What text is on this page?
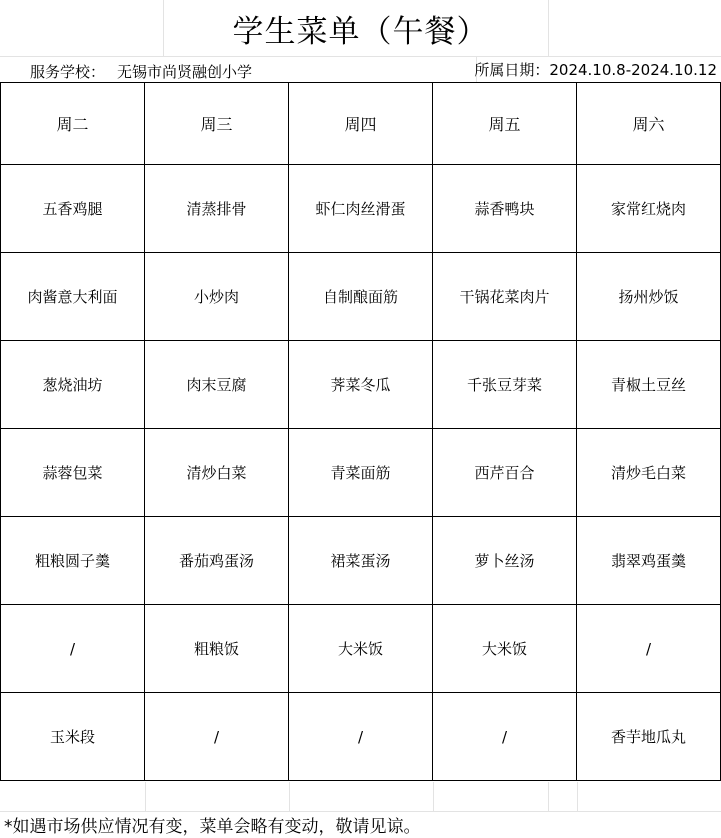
学生菜单（午餐）
服务学校： 无锡市尚贤融创小学	所属日期：2024.10.8-2024.10.12
周二	周三	周四	周五	周六
五香鸡腿	清蒸排骨	虾仁肉丝滑蛋	蒜香鸭块	家常红烧肉
肉酱意大利面	小炒肉	自制酿面筋	干锅花菜肉片	扬州炒饭
葱烧油坊	肉末豆腐	荠菜冬瓜	千张豆芽菜	青椒土豆丝
蒜蓉包菜	清炒白菜	青菜面筋	西芹百合	清炒毛白菜
粗粮圆子羹	番茄鸡蛋汤	裙菜蛋汤	萝卜丝汤	翡翠鸡蛋羹
/	粗粮饭	大米饭	大米饭	/
玉米段	/	/	/	香芋地瓜丸
*如遇市场供应情况有变，菜单会略有变动，敬请见谅。
